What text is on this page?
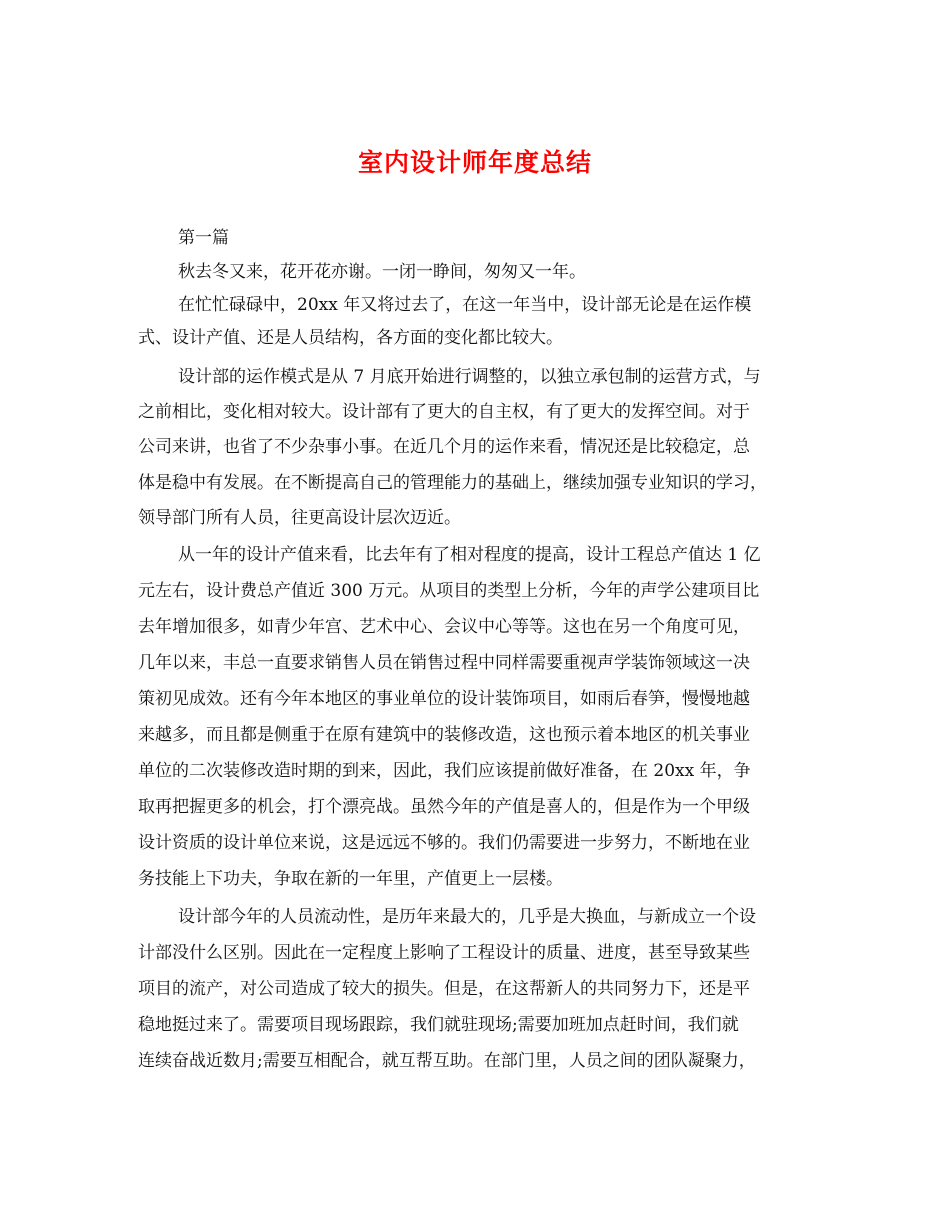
室内设计师年度总结
第一篇
秋去冬又来，花开花亦谢。一闭一睁间，匆匆又一年。
在忙忙碌碌中，20xx 年又将过去了，在这一年当中，设计部无论是在运作模
式、设计产值、还是人员结构，各方面的变化都比较大。
设计部的运作模式是从 7 月底开始进行调整的，以独立承包制的运营方式，与
之前相比，变化相对较大。设计部有了更大的自主权，有了更大的发挥空间。对于
公司来讲，也省了不少杂事小事。在近几个月的运作来看，情况还是比较稳定，总
体是稳中有发展。在不断提高自己的管理能力的基础上，继续加强专业知识的学习，
领导部门所有人员，往更高设计层次迈近。
从一年的设计产值来看，比去年有了相对程度的提高，设计工程总产值达 1 亿
元左右，设计费总产值近 300 万元。从项目的类型上分析，今年的声学公建项目比
去年增加很多，如青少年宫、艺术中心、会议中心等等。这也在另一个角度可见，
几年以来，丰总一直要求销售人员在销售过程中同样需要重视声学装饰领域这一决
策初见成效。还有今年本地区的事业单位的设计装饰项目，如雨后春笋，慢慢地越
来越多，而且都是侧重于在原有建筑中的装修改造，这也预示着本地区的机关事业
单位的二次装修改造时期的到来，因此，我们应该提前做好准备，在 20xx 年，争
取再把握更多的机会，打个漂亮战。虽然今年的产值是喜人的，但是作为一个甲级
设计资质的设计单位来说，这是远远不够的。我们仍需要进一步努力，不断地在业
务技能上下功夫，争取在新的一年里，产值更上一层楼。
设计部今年的人员流动性，是历年来最大的，几乎是大换血，与新成立一个设
计部没什么区别。因此在一定程度上影响了工程设计的质量、进度，甚至导致某些
项目的流产，对公司造成了较大的损失。但是，在这帮新人的共同努力下，还是平
稳地挺过来了。需要项目现场跟踪，我们就驻现场;需要加班加点赶时间，我们就
连续奋战近数月;需要互相配合，就互帮互助。在部门里，人员之间的团队凝聚力，
